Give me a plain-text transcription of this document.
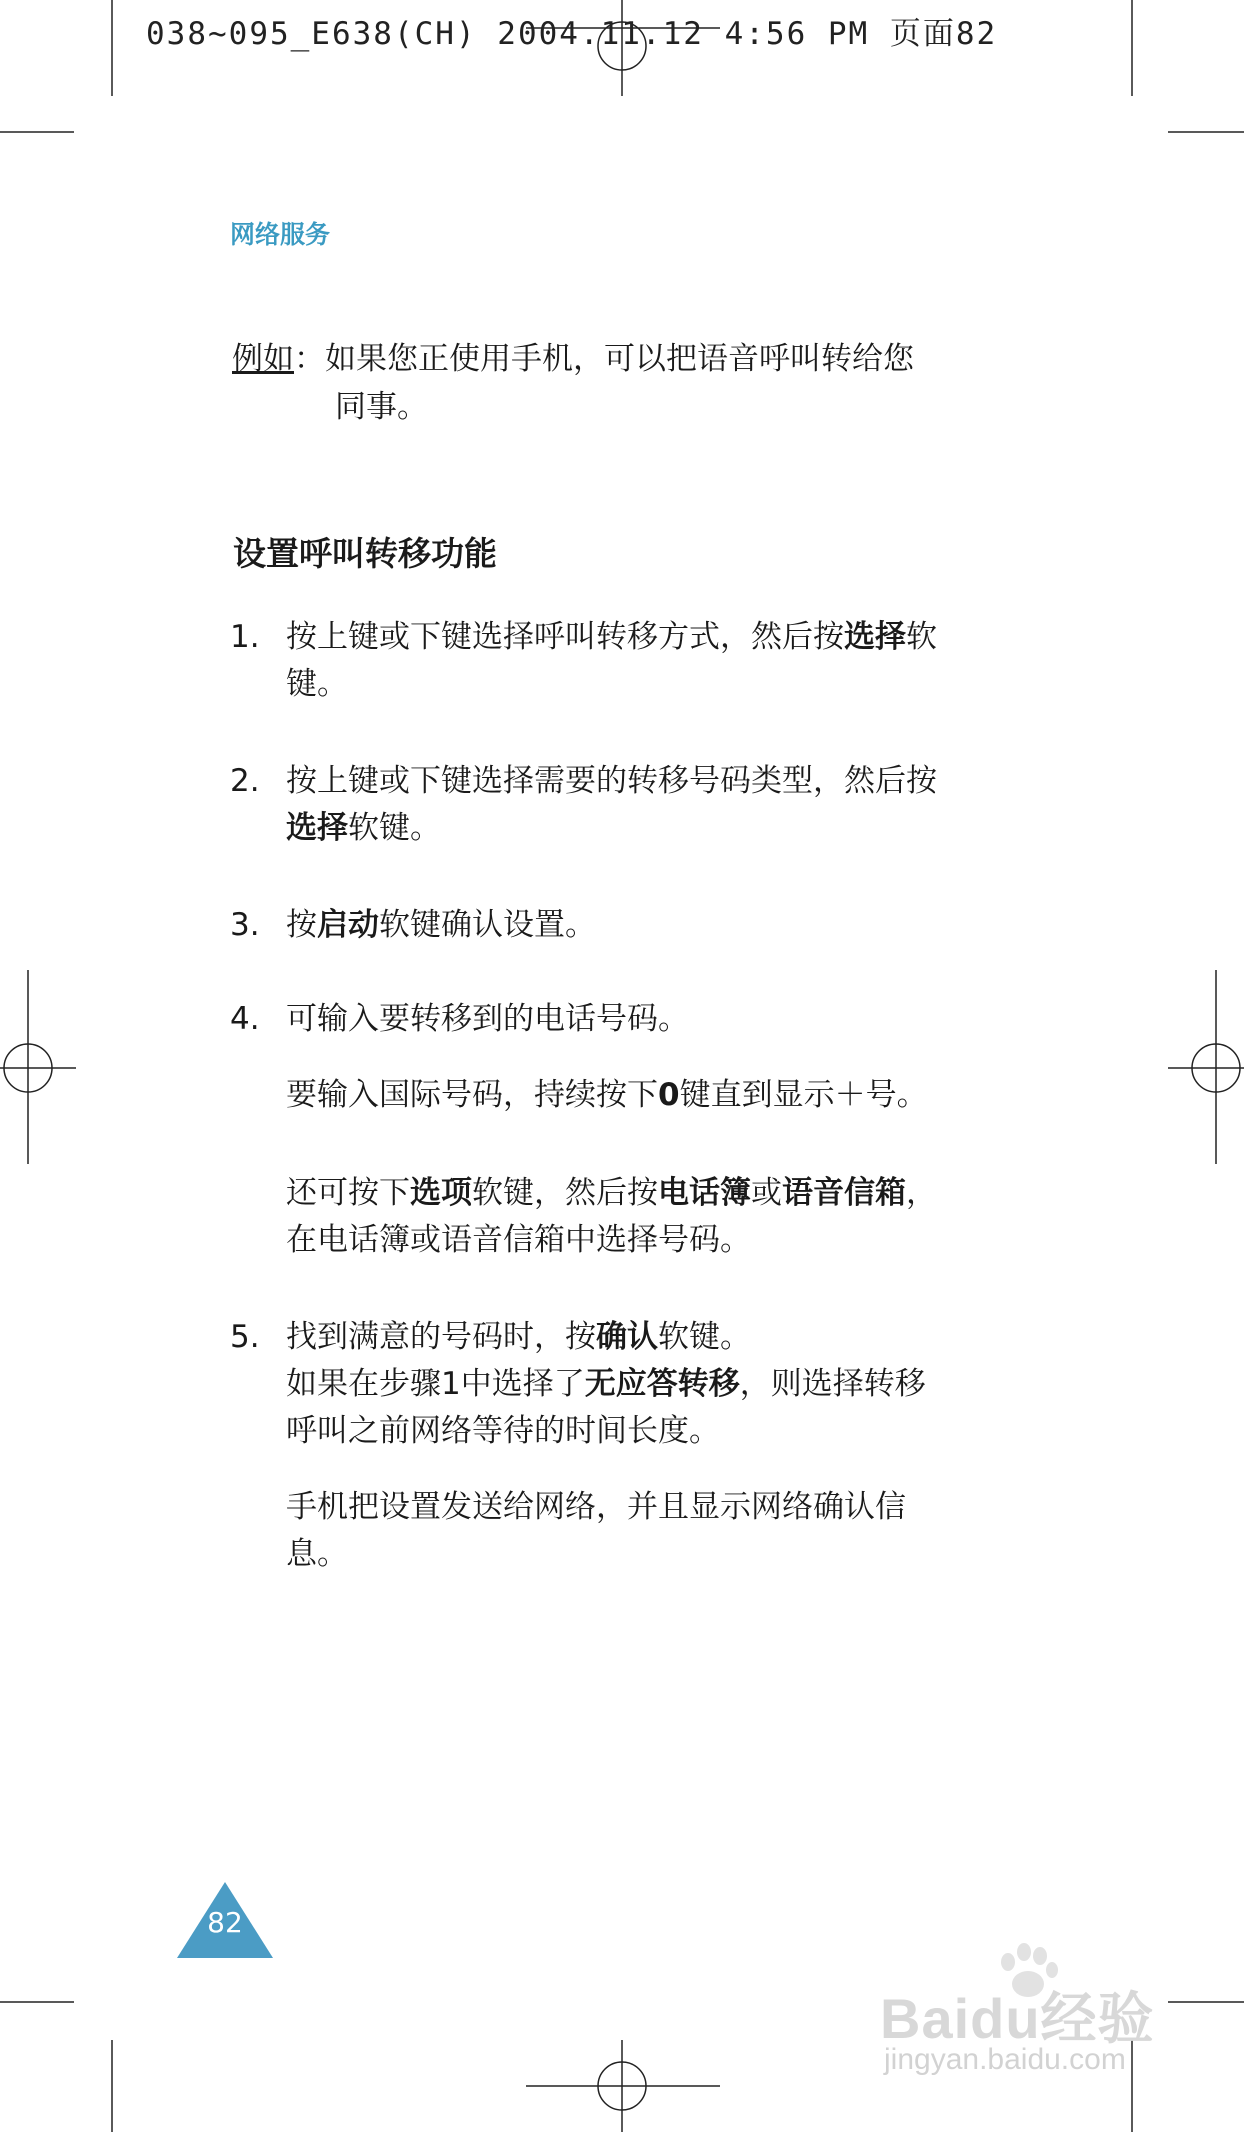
038~095_E638(CH) 2004.11.12 4:56 PM 页面82
网络服务
例如：如果您正使用手机，可以把语音呼叫转给您
同事。
设置呼叫转移功能
1. 按上键或下键选择呼叫转移方式，然后按选择软
键。
2. 按上键或下键选择需要的转移号码类型，然后按
选择软键。
3. 按启动软键确认设置。
4. 可输入要转移到的电话号码。
要输入国际号码，持续按下0键直到显示＋号。
还可按下选项软键，然后按电话簿或语音信箱，
在电话簿或语音信箱中选择号码。
5. 找到满意的号码时，按确认软键。
如果在步骤1中选择了无应答转移，则选择转移
呼叫之前网络等待的时间长度。
手机把设置发送给网络，并且显示网络确认信
息。
82
Baidu经验
jingyan.baidu.com
